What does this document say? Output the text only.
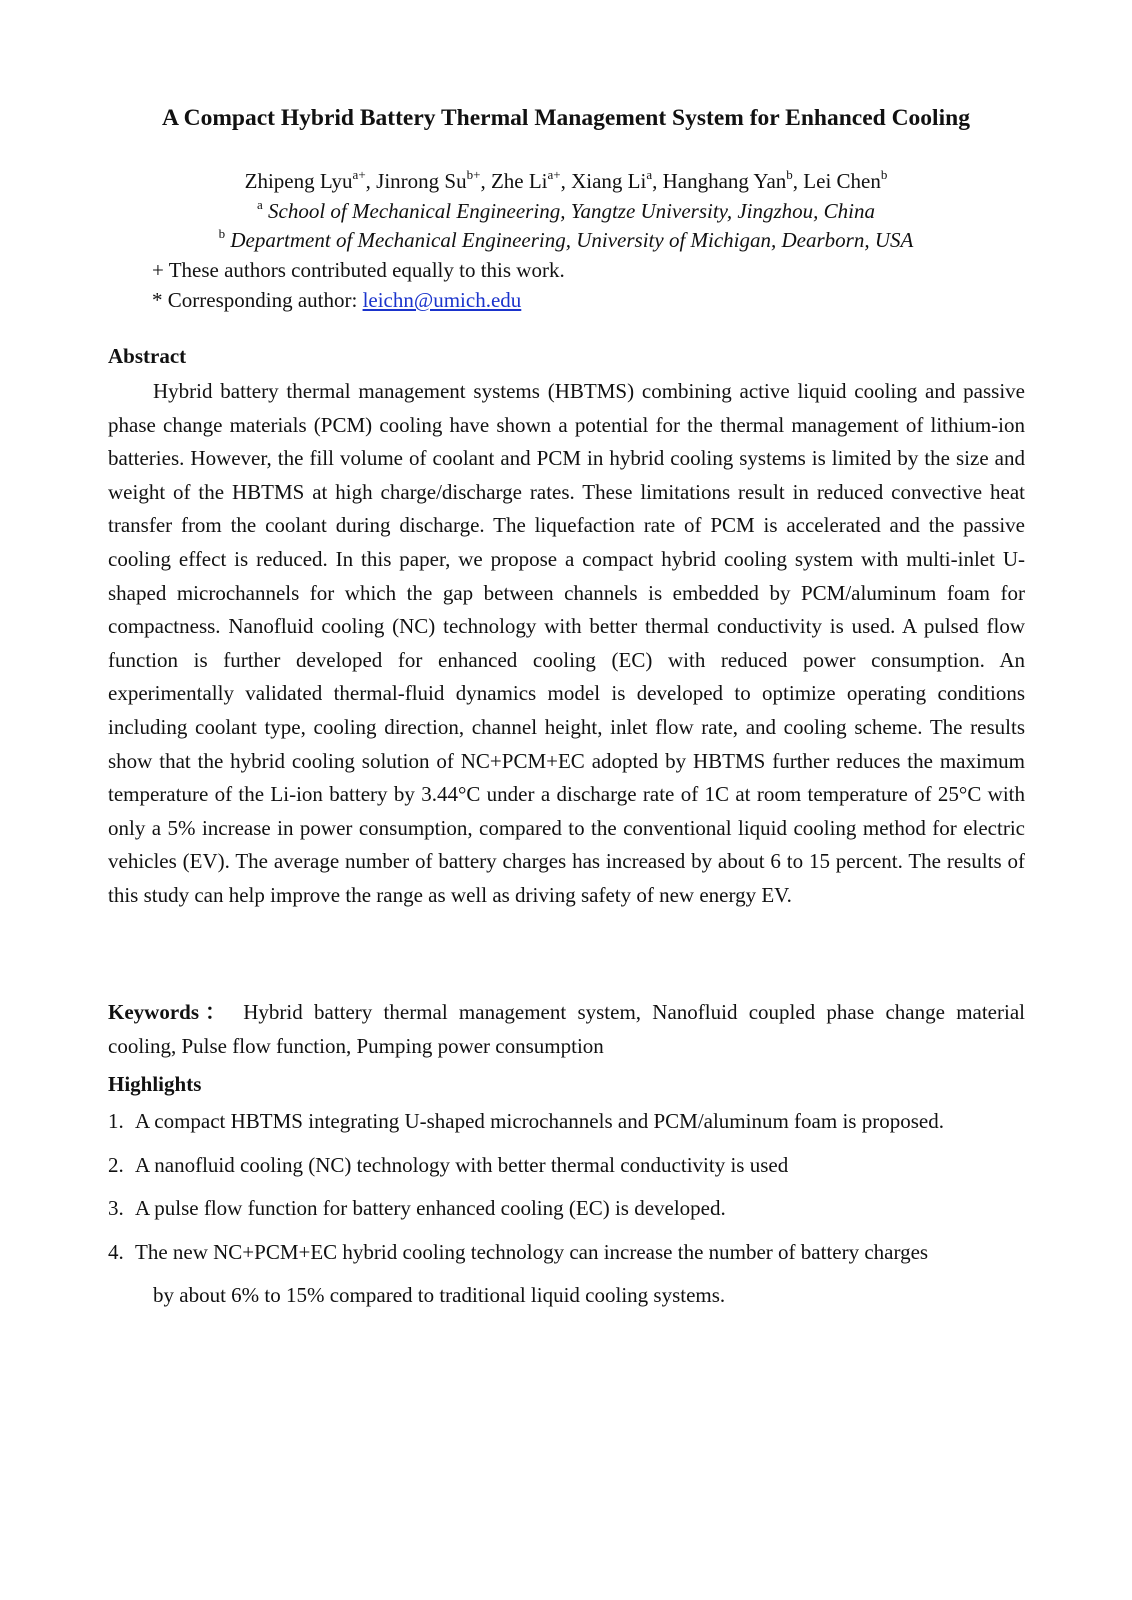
A Compact Hybrid Battery Thermal Management System for Enhanced Cooling
Zhipeng Lyu$^{a+}$, Jinrong $Su^{b+}$, Zhe $Li^{a+}$, Xiang Li$^a$, Hanghang Yan$^b$, Lei Chen$^b$
$^a$ School of Mechanical Engineering, Yangtze University, Jingzhou, China
$^b$ Department of Mechanical Engineering, University of Michigan, Dearborn, USA
+ These authors contributed equally to this work.
* Corresponding author: leichn@umich.edu
Abstract

Hybrid battery thermal management systems (HBTMS) combining active liquid cooling and passive phase change materials (PCM) cooling have shown a potential for the thermal management of lithium-ion batteries. However, the fill volume of coolant and PCM in hybrid cooling systems is limited by the size and weight of the HBTMS at high charge/discharge rates. These limitations result in reduced convective heat transfer from the coolant during discharge. The liquefaction rate of PCM is accelerated and the passive cooling effect is reduced. In this paper, we propose a compact hybrid cooling system with multi-inlet U-shaped microchannels for which the gap between channels is embedded by PCM/aluminum foam for compactness. Nanofluid cooling (NC) technology with better thermal conductivity is used. A pulsed flow function is further developed for enhanced cooling (EC) with reduced power consumption. An experimentally validated thermal-fluid dynamics model is developed to optimize operating conditions including coolant type, cooling direction, channel height, inlet flow rate, and cooling scheme. The results show that the hybrid cooling solution of NC+PCM+EC adopted by HBTMS further reduces the maximum temperature of the Li-ion battery by 3.44°C under a discharge rate of 1C at room temperature of 25°C with only a 5% increase in power consumption, compared to the conventional liquid cooling method for electric vehicles (EV). The average number of battery charges has increased by about 6 to 15 percent. The results of this study can help improve the range as well as driving safety of new energy EV.

Keywords： Hybrid battery thermal management system, Nanofluid coupled phase change material cooling, Pulse flow function, Pumping power consumption

Highlights
1. A compact HBTMS integrating U-shaped microchannels and PCM/aluminum foam is proposed.
2. A nanofluid cooling (NC) technology with better thermal conductivity is used
3. A pulse flow function for battery enhanced cooling (EC) is developed.
4. The new NC+PCM+EC hybrid cooling technology can increase the number of battery charges
by about 6% to 15% compared to traditional liquid cooling systems.
